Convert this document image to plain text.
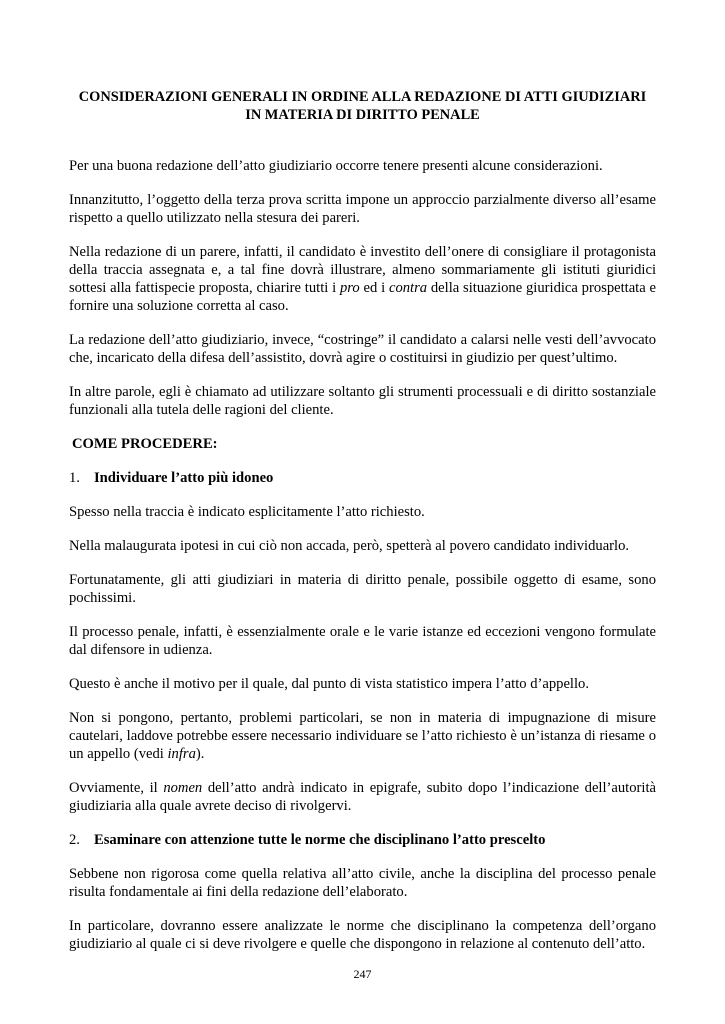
CONSIDERAZIONI GENERALI IN ORDINE ALLA REDAZIONE DI ATTI GIUDIZIARI
IN MATERIA DI DIRITTO PENALE

Per una buona redazione dell’atto giudiziario occorre tenere presenti alcune considerazioni.

Innanzitutto, l’oggetto della terza prova scritta impone un approccio parzialmente diverso all’esame rispetto a quello utilizzato nella stesura dei pareri.

Nella redazione di un parere, infatti, il candidato è investito dell’onere di consigliare il protagonista della traccia assegnata e, a tal fine dovrà illustrare, almeno sommariamente gli istituti giuridici sottesi alla fattispecie proposta, chiarire tutti i pro ed i contra della situazione giuridica prospettata e fornire una soluzione corretta al caso.

La redazione dell’atto giudiziario, invece, “costringe” il candidato a calarsi nelle vesti dell’avvocato che, incaricato della difesa dell’assistito, dovrà agire o costituirsi in giudizio per quest’ultimo.

In altre parole, egli è chiamato ad utilizzare soltanto gli strumenti processuali e di diritto sostanziale funzionali alla tutela delle ragioni del cliente.

COME PROCEDERE:

1. Individuare l’atto più idoneo

Spesso nella traccia è indicato esplicitamente l’atto richiesto.

Nella malaugurata ipotesi in cui ciò non accada, però, spetterà al povero candidato individuarlo.

Fortunatamente, gli atti giudiziari in materia di diritto penale, possibile oggetto di esame, sono pochissimi.

Il processo penale, infatti, è essenzialmente orale e le varie istanze ed eccezioni vengono formulate dal difensore in udienza.

Questo è anche il motivo per il quale, dal punto di vista statistico impera l’atto d’appello.

Non si pongono, pertanto, problemi particolari, se non in materia di impugnazione di misure cautelari, laddove potrebbe essere necessario individuare se l’atto richiesto è un’istanza di riesame o un appello (vedi infra).

Ovviamente, il nomen dell’atto andrà indicato in epigrafe, subito dopo l’indicazione dell’autorità giudiziaria alla quale avrete deciso di rivolgervi.

2. Esaminare con attenzione tutte le norme che disciplinano l’atto prescelto

Sebbene non rigorosa come quella relativa all’atto civile, anche la disciplina del processo penale risulta fondamentale ai fini della redazione dell’elaborato.

In particolare, dovranno essere analizzate le norme che disciplinano la competenza dell’organo giudiziario al quale ci si deve rivolgere e quelle che dispongono in relazione al contenuto dell’atto.

247
